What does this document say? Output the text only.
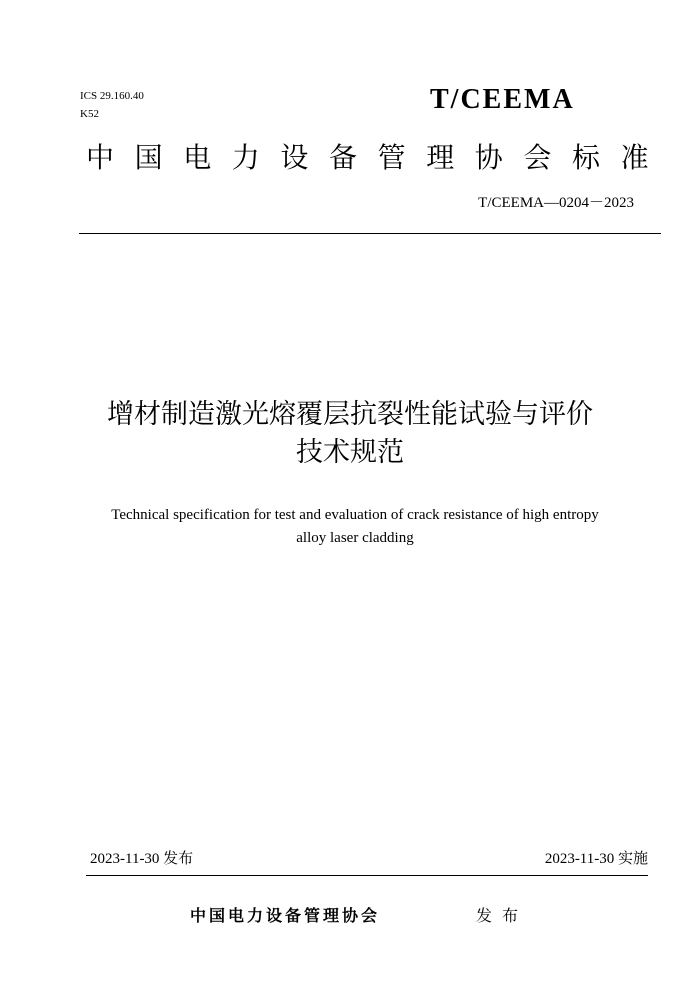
ICS 29.160.40
K52	T/CEEMA
中国电力设备管理协会标准
T/CEEMA—0204－2023
增材制造激光熔覆层抗裂性能试验与评价
技术规范
Technical specification for test and evaluation of crack resistance of high entropy
alloy laser cladding
2023-11-30 发布	2023-11-30 实施
中国电力设备管理协会	发布
